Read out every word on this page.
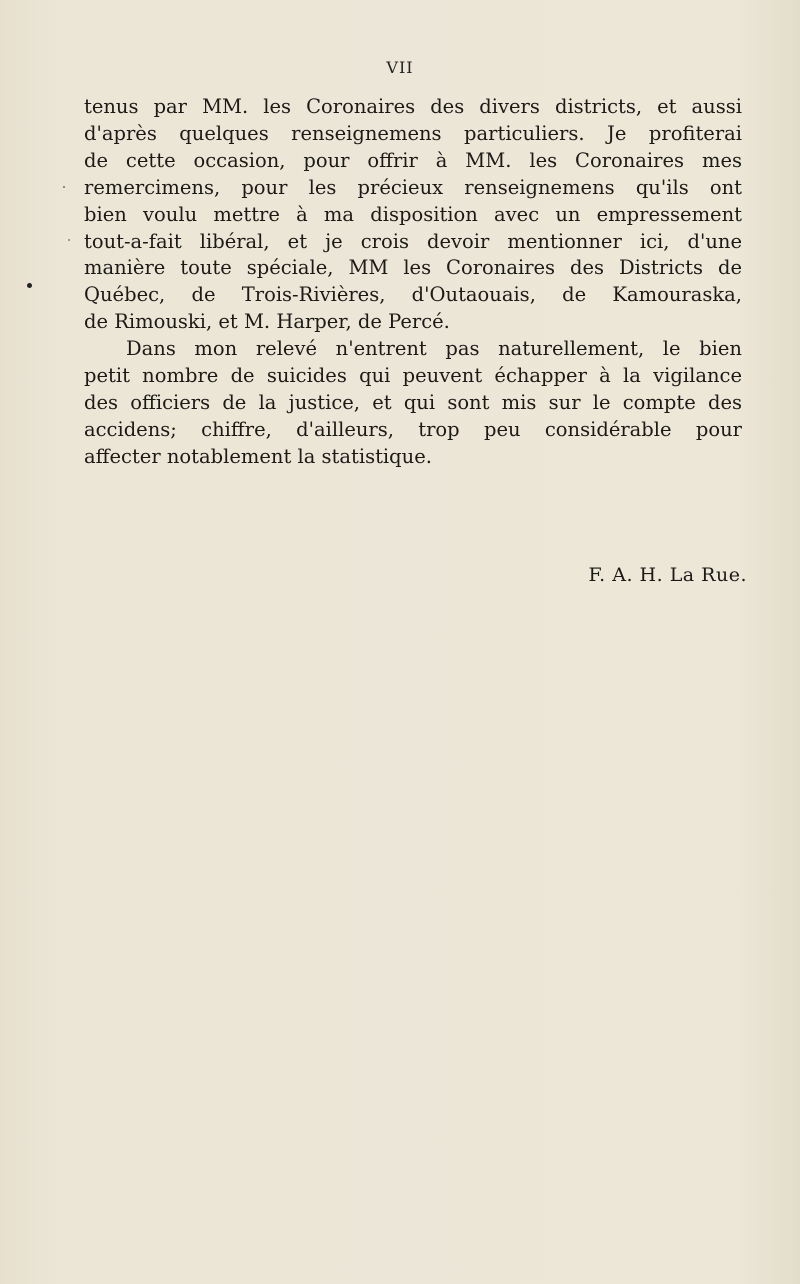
VII
tenus par MM. les Coronaires des divers districts, et aussi
d'après quelques renseignemens particuliers. Je profiterai
de cette occasion, pour offrir à MM. les Coronaires mes
remercimens, pour les précieux renseignemens qu'ils ont
bien voulu mettre à ma disposition avec un empressement
tout-a-fait libéral, et je crois devoir mentionner ici, d'une
manière toute spéciale, MM les Coronaires des Districts de
Québec, de Trois-Rivières, d'Outaouais, de Kamouraska,
de Rimouski, et M. Harper, de Percé.
Dans mon relevé n'entrent pas naturellement, le bien
petit nombre de suicides qui peuvent échapper à la vigilance
des officiers de la justice, et qui sont mis sur le compte des
accidens; chiffre, d'ailleurs, trop peu considérable pour
affecter notablement la statistique.
F. A. H. La Rue.
